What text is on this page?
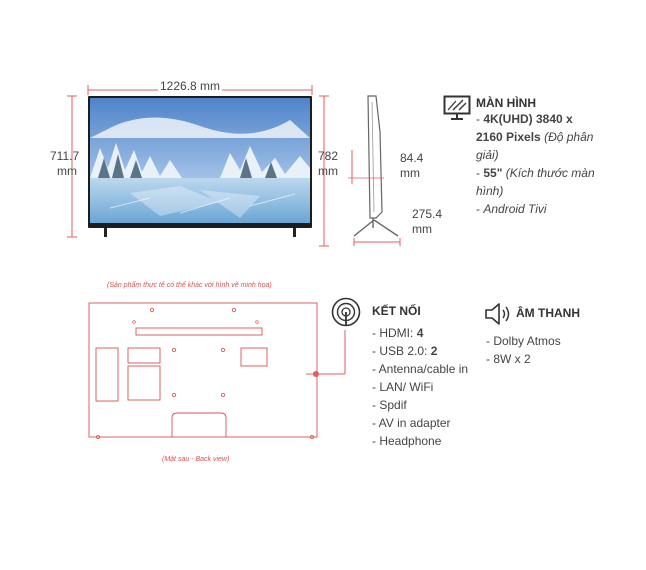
1226.8 mm
711.7
mm
782
mm
84.4
mm
275.4
mm
MÀN HÌNH
- 4K(UHD) 3840 x
2160 Pixels (Độ phân
giải)
- 55" (Kích thước màn
hình)
- Android Tivi
(Sản phẩm thực tế có thể khác với hình vẽ minh họa)
(Mặt sau - Back view)
KẾT NỐI
- HDMI: 4
- USB 2.0: 2
- Antenna/cable in
- LAN/ WiFi
- Spdif
- AV in adapter
- Headphone
ÂM THANH
- Dolby Atmos
- 8W x 2
